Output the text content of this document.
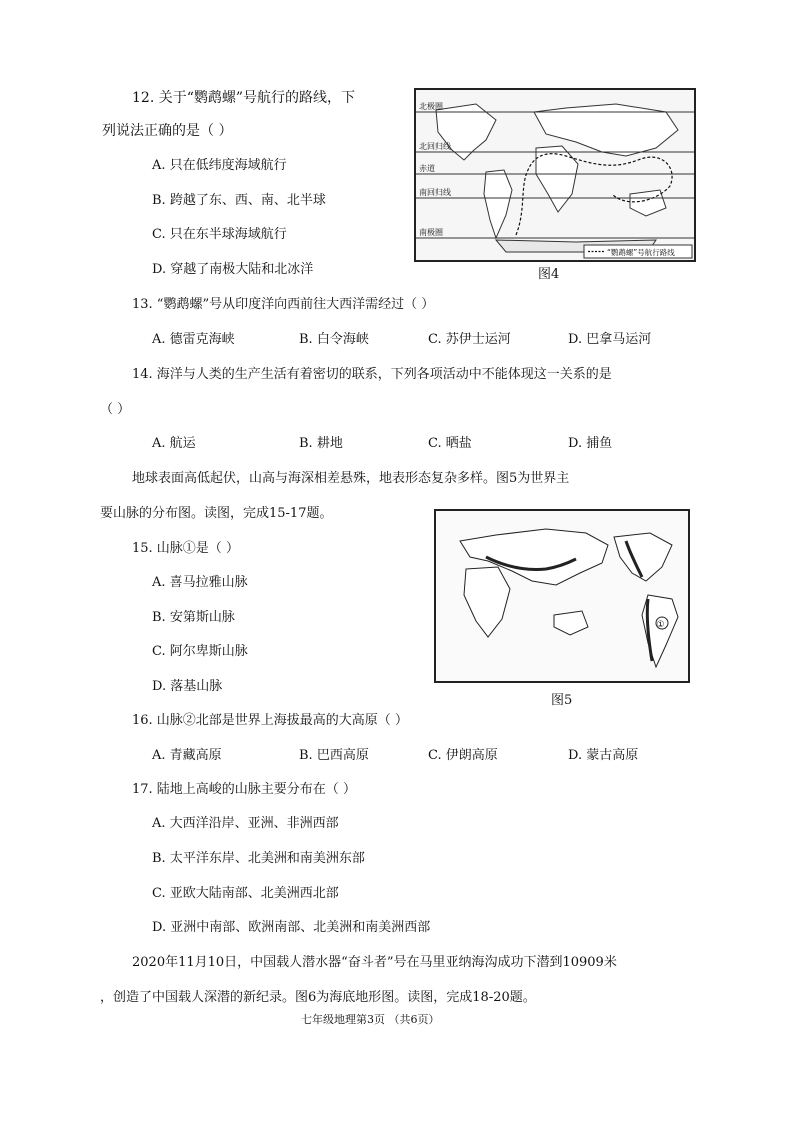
12. 关于“鹦鹉螺”号航行的路线，下
列说法正确的是（ ）
A. 只在低纬度海域航行
B. 跨越了东、西、南、北半球
C. 只在东半球海域航行
D. 穿越了南极大陆和北冰洋
北极圈
北回归线
赤道
南回归线
南极圈
“鹦鹉螺”号航行路线
图4
13. “鹦鹉螺”号从印度洋向西前往大西洋需经过（ ）
A. 德雷克海峡	B. 白令海峡	C. 苏伊士运河	D. 巴拿马运河
14. 海洋与人类的生产生活有着密切的联系，下列各项活动中不能体现这一关系的是
（ ）
A. 航运	B. 耕地	C. 晒盐	D. 捕鱼
地球表面高低起伏，山高与海深相差悬殊，地表形态复杂多样。图5为世界主
要山脉的分布图。读图，完成15-17题。
15. 山脉①是（ ）
A. 喜马拉雅山脉
B. 安第斯山脉
C. 阿尔卑斯山脉
D. 落基山脉
①
图5
16. 山脉②北部是世界上海拔最高的大高原（ ）
A. 青藏高原	B. 巴西高原	C. 伊朗高原	D. 蒙古高原
17. 陆地上高峻的山脉主要分布在（ ）
A. 大西洋沿岸、亚洲、非洲西部
B. 太平洋东岸、北美洲和南美洲东部
C. 亚欧大陆南部、北美洲西北部
D. 亚洲中南部、欧洲南部、北美洲和南美洲西部
2020年11月10日，中国载人潜水器“奋斗者”号在马里亚纳海沟成功下潜到10909米
，创造了中国载人深潜的新纪录。图6为海底地形图。读图，完成18-20题。
七年级地理第3页 （共6页）
